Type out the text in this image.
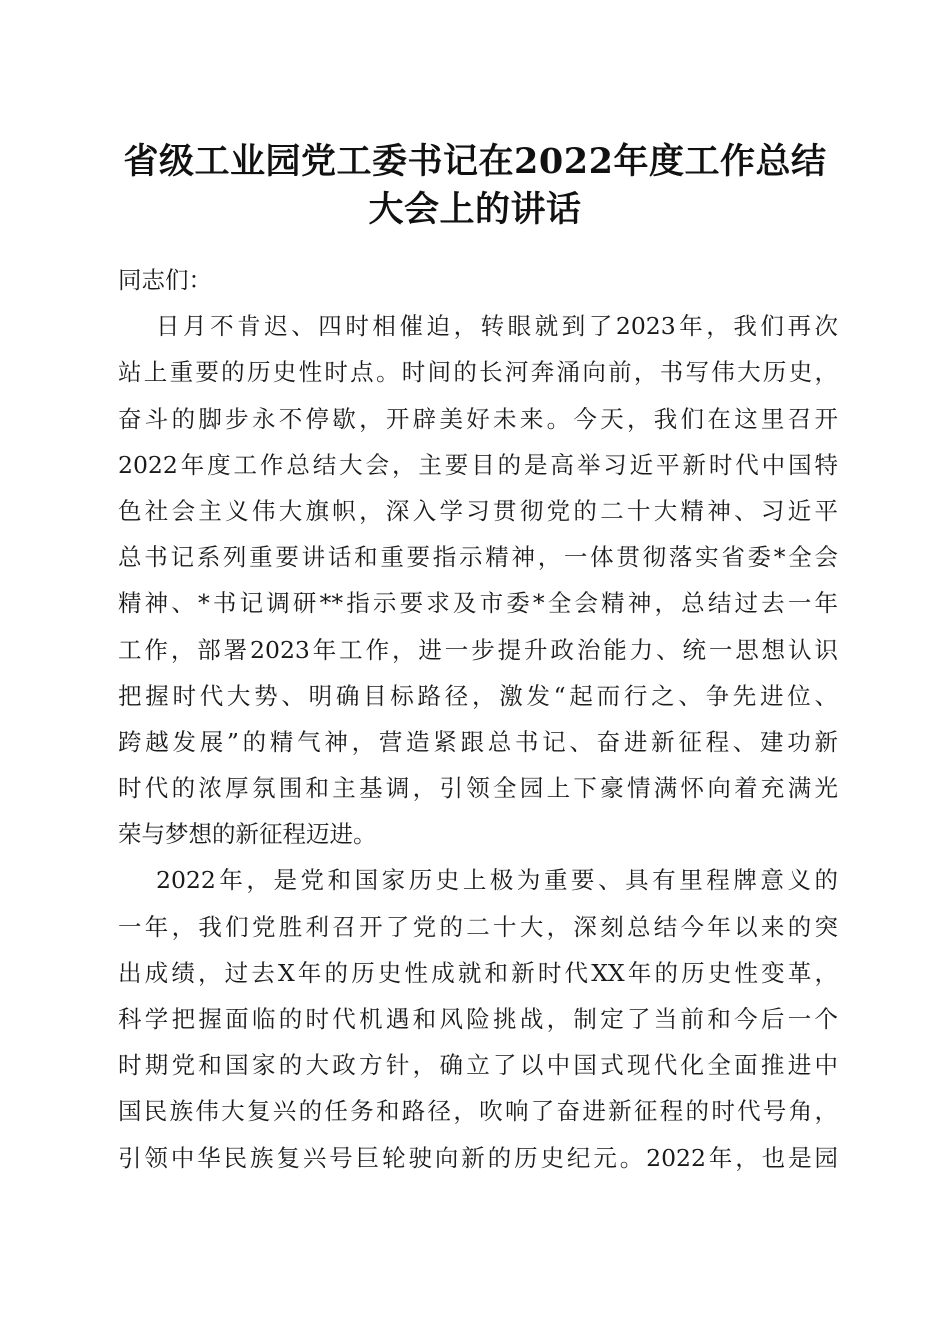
省级工业园党工委书记在2022年度工作总结
大会上的讲话
同志们：
日月不肯迟、四时相催迫，转眼就到了2023年，我们再次
站上重要的历史性时点。时间的长河奔涌向前，书写伟大历史，
奋斗的脚步永不停歇，开辟美好未来。今天，我们在这里召开
2022年度工作总结大会，主要目的是高举习近平新时代中国特
色社会主义伟大旗帜，深入学习贯彻党的二十大精神、习近平
总书记系列重要讲话和重要指示精神，一体贯彻落实省委*全会
精神、*书记调研**指示要求及市委*全会精神，总结过去一年
工作，部署2023年工作，进一步提升政治能力、统一思想认识
把握时代大势、明确目标路径，激发“起而行之、争先进位、
跨越发展”的精气神，营造紧跟总书记、奋进新征程、建功新
时代的浓厚氛围和主基调，引领全园上下豪情满怀向着充满光
荣与梦想的新征程迈进。
2022年，是党和国家历史上极为重要、具有里程牌意义的
一年，我们党胜利召开了党的二十大，深刻总结今年以来的突
出成绩，过去X年的历史性成就和新时代XX年的历史性变革，
科学把握面临的时代机遇和风险挑战，制定了当前和今后一个
时期党和国家的大政方针，确立了以中国式现代化全面推进中
国民族伟大复兴的任务和路径，吹响了奋进新征程的时代号角，
引领中华民族复兴号巨轮驶向新的历史纪元。2022年，也是园
